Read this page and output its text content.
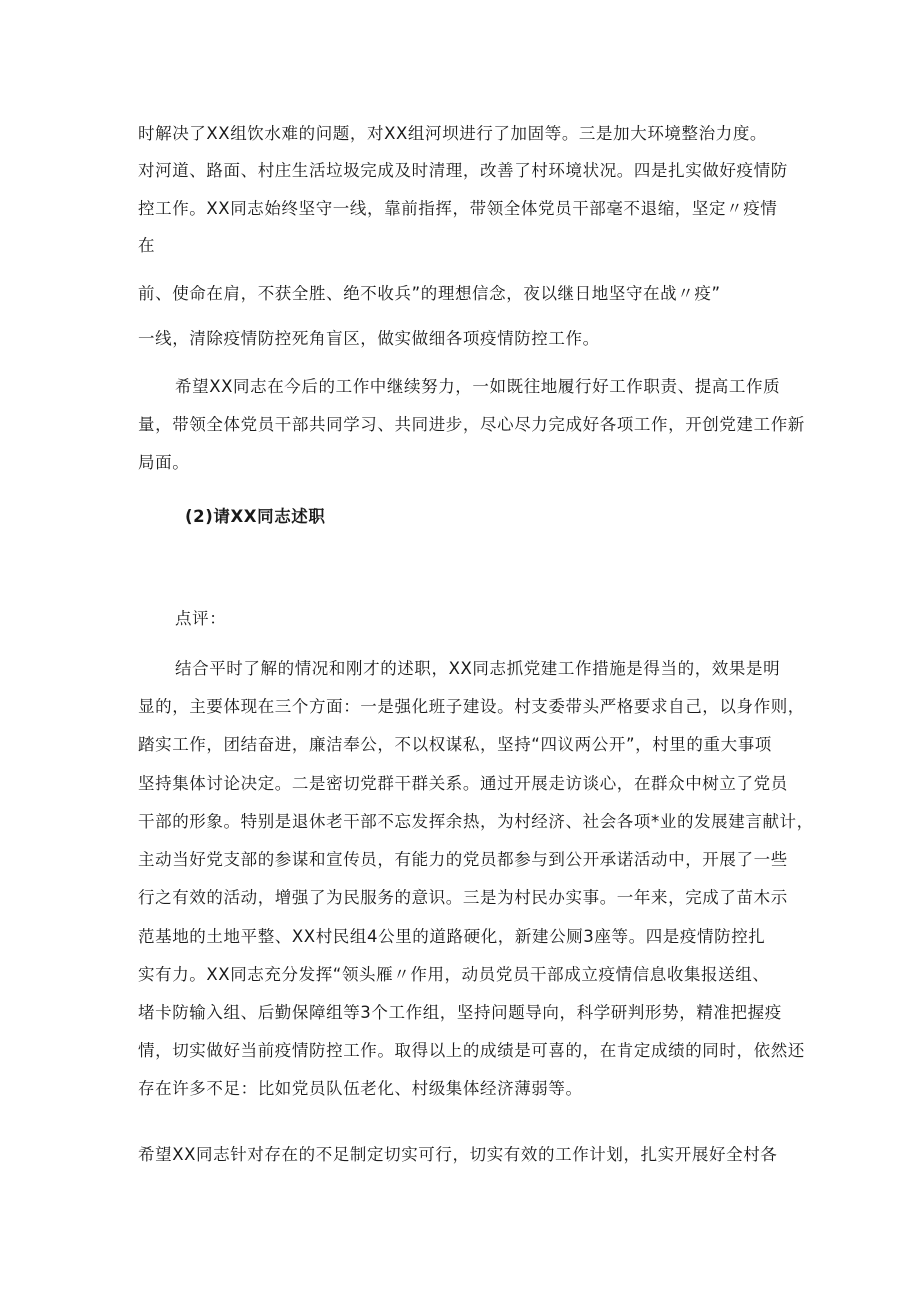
时解决了XX组饮水难的问题，对XX组河坝进行了加固等。三是加大环境整治力度。
对河道、路面、村庄生活垃圾完成及时清理，改善了村环境状况。四是扎实做好疫情防
控工作。XX同志始终坚守一线，靠前指挥，带领全体党员干部毫不退缩，坚定〃疫情
在
前、使命在肩，不获全胜、绝不收兵”的理想信念，夜以继日地坚守在战〃疫”
一线，清除疫情防控死角盲区，做实做细各项疫情防控工作。
希望XX同志在今后的工作中继续努力，一如既往地履行好工作职责、提高工作质
量，带领全体党员干部共同学习、共同进步，尽心尽力完成好各项工作，开创党建工作新
局面。
(2)请XX同志述职
点评：
结合平时了解的情况和刚才的述职，XX同志抓党建工作措施是得当的，效果是明
显的，主要体现在三个方面：一是强化班子建设。村支委带头严格要求自己，以身作则，
踏实工作，团结奋进，廉洁奉公，不以权谋私，坚持“四议两公开”，村里的重大事项
坚持集体讨论决定。二是密切党群干群关系。通过开展走访谈心，在群众中树立了党员
干部的形象。特别是退休老干部不忘发挥余热，为村经济、社会各项*业的发展建言献计，
主动当好党支部的参谋和宣传员，有能力的党员都参与到公开承诺活动中，开展了一些
行之有效的活动，增强了为民服务的意识。三是为村民办实事。一年来，完成了苗木示
范基地的土地平整、XX村民组4公里的道路硬化，新建公厕3座等。四是疫情防控扎
实有力。XX同志充分发挥“领头雁〃作用，动员党员干部成立疫情信息收集报送组、
堵卡防输入组、后勤保障组等3个工作组，坚持问题导向，科学研判形势，精准把握疫
情，切实做好当前疫情防控工作。取得以上的成绩是可喜的，在肯定成绩的同时，依然还
存在许多不足：比如党员队伍老化、村级集体经济薄弱等。
希望XX同志针对存在的不足制定切实可行，切实有效的工作计划，扎实开展好全村各
